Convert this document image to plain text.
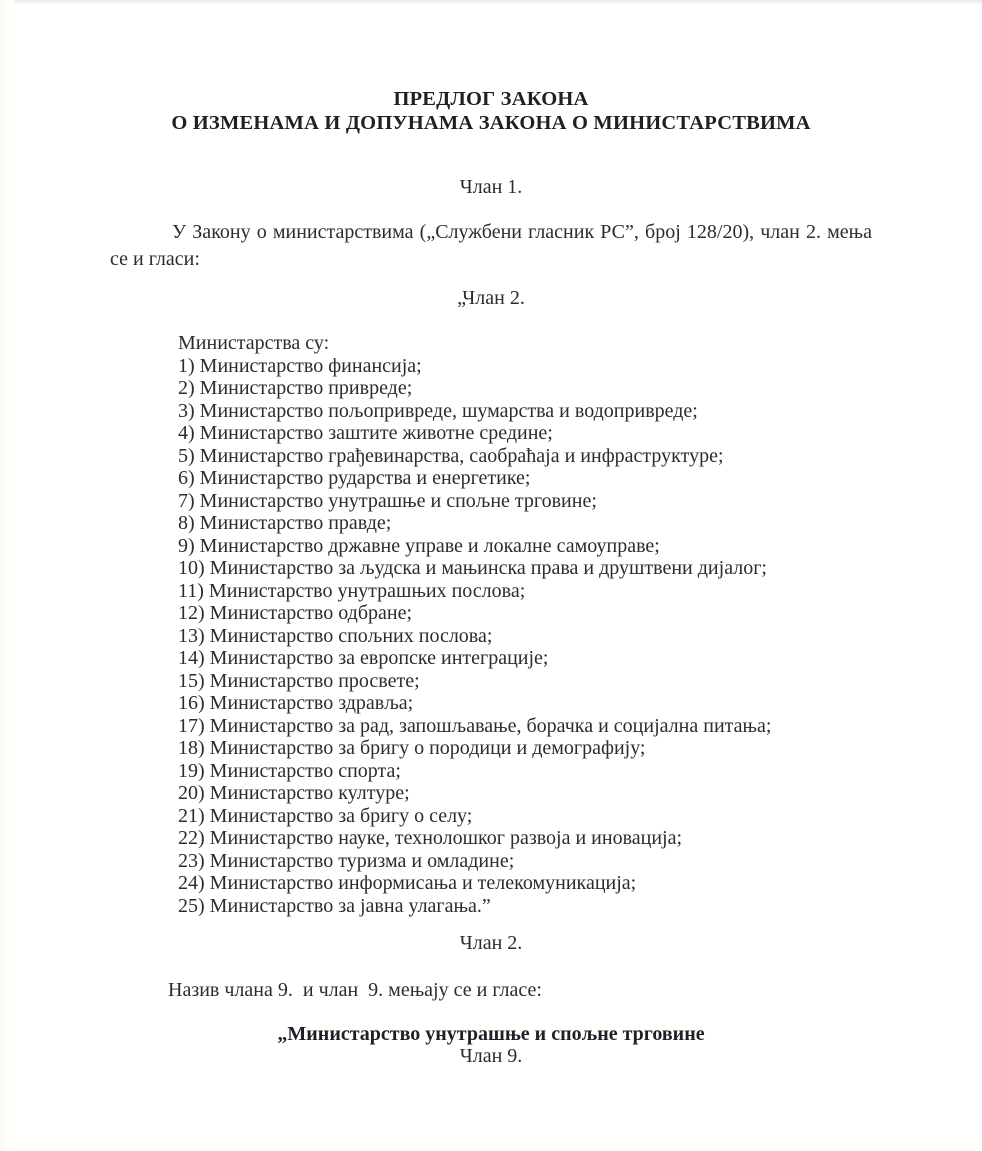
ПРЕДЛОГ ЗАКОНА
О ИЗМЕНАМА И ДОПУНАМА ЗАКОНА О МИНИСТАРСТВИМА
Члан 1.
У Закону о министарствима („Службени гласник РС”, број 128/20), члан 2. мења се и гласи:
„Члан 2.
Министарства су:
1) Министарство финансија;
2) Министарство привреде;
3) Министарство пољопривреде, шумарства и водопривреде;
4) Министарство заштите животне средине;
5) Министарство грађевинарства, саобраћаја и инфраструктуре;
6) Министарство рударства и енергетике;
7) Министарство унутрашње и спољне трговине;
8) Министарство правде;
9) Министарство државне управе и локалне самоуправе;
10) Министарство за људска и мањинска права и друштвени дијалог;
11) Министарство унутрашњих послова;
12) Министарство одбране;
13) Министарство спољних послова;
14) Министарство за европске интеграције;
15) Министарство просвете;
16) Министарство здравља;
17) Министарство за рад, запошљавање, борачка и социјална питања;
18) Министарство за бригу о породици и демографију;
19) Министарство спорта;
20) Министарство културе;
21) Министарство за бригу о селу;
22) Министарство науке, технолошког развоја и иновација;
23) Министарство туризма и омладине;
24) Министарство информисања и телекомуникација;
25) Министарство за јавна улагања.”
Члан 2.
Назив члана 9.  и члан  9. мењају се и гласе:
„Министарство унутрашње и спољне трговине
Члан 9.
